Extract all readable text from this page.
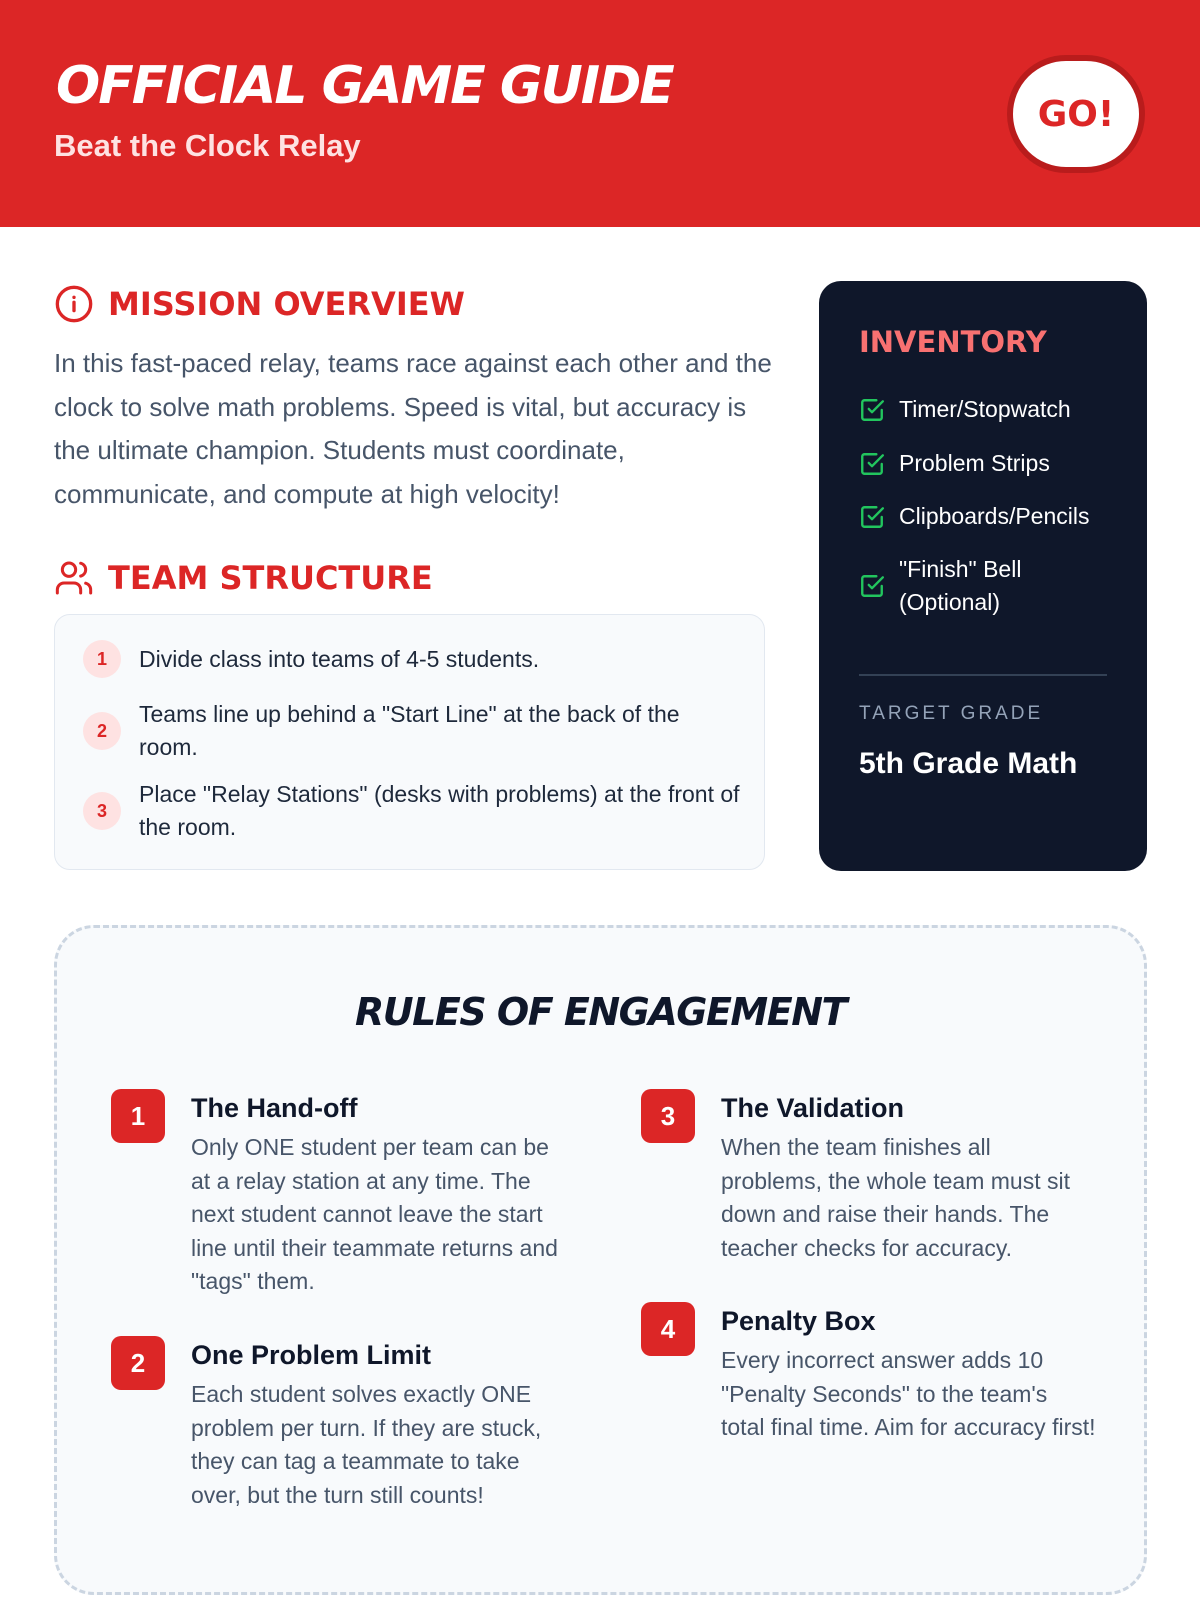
OFFICIAL GAME GUIDE
Beat the Clock Relay
GO!
MISSION OVERVIEW

In this fast-paced relay, teams race against each other and the clock to solve math problems. Speed is vital, but accuracy is the ultimate champion. Students must coordinate, communicate, and compute at high velocity!

TEAM STRUCTURE
1	Divide class into teams of 4-5 students.
2
Teams line up behind a "Start Line" at the back of the room.
3
Place "Relay Stations" (desks with problems) at the front of the room.
INVENTORY
Timer/Stopwatch
Problem Strips
Clipboards/Pencils
"Finish" Bell (Optional)
TARGET GRADE
5th Grade Math
RULES OF ENGAGEMENT
1	The Hand-off
Only ONE student per team can be at a relay station at any time. The next student cannot leave the start line until their teammate returns and "tags" them.
2	One Problem Limit
Each student solves exactly ONE problem per turn. If they are stuck, they can tag a teammate to take over, but the turn still counts!
3	The Validation
When the team finishes all problems, the whole team must sit down and raise their hands. The teacher checks for accuracy.
4	Penalty Box
Every incorrect answer adds 10 "Penalty Seconds" to the team's total final time. Aim for accuracy first!
